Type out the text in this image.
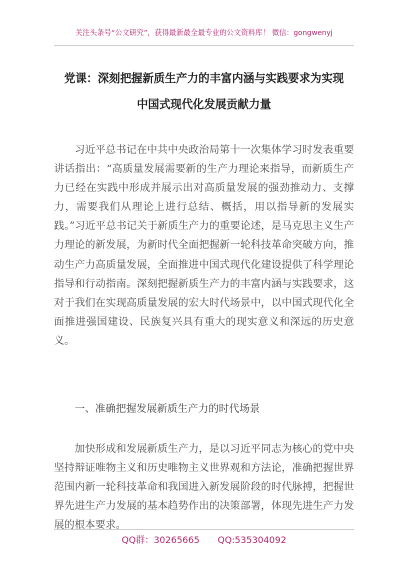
关注头条号“公文研究”，获得最新最全最专业的公文资料库！ 微信：gongwenyj
党课：深刻把握新质生产力的丰富内涵与实践要求为实现
中国式现代化发展贡献力量
习近平总书记在中共中央政治局第十一次集体学习时发表重要讲话指出：“高质量发展需要新的生产力理论来指导，而新质生产力已经在实践中形成并展示出对高质量发展的强劲推动力、支撑力，需要我们从理论上进行总结、概括，用以指导新的发展实践。”习近平总书记关于新质生产力的重要论述，是马克思主义生产力理论的新发展，为新时代全面把握新一轮科技革命突破方向，推动生产力高质量发展，全面推进中国式现代化建设提供了科学理论指导和行动指南。深刻把握新质生产力的丰富内涵与实践要求，这对于我们在实现高质量发展的宏大时代场景中，以中国式现代化全面推进强国建设、民族复兴具有重大的现实意义和深远的历史意义。
一、准确把握发展新质生产力的时代场景
加快形成和发展新质生产力，是以习近平同志为核心的党中央坚持辩证唯物主义和历史唯物主义世界观和方法论，准确把握世界范围内新一轮科技革命和我国进入新发展阶段的时代脉搏，把握世界先进生产力发展的基本趋势作出的决策部署，体现先进生产力发展的根本要求。
QQ群：30265665 QQ:535304092
